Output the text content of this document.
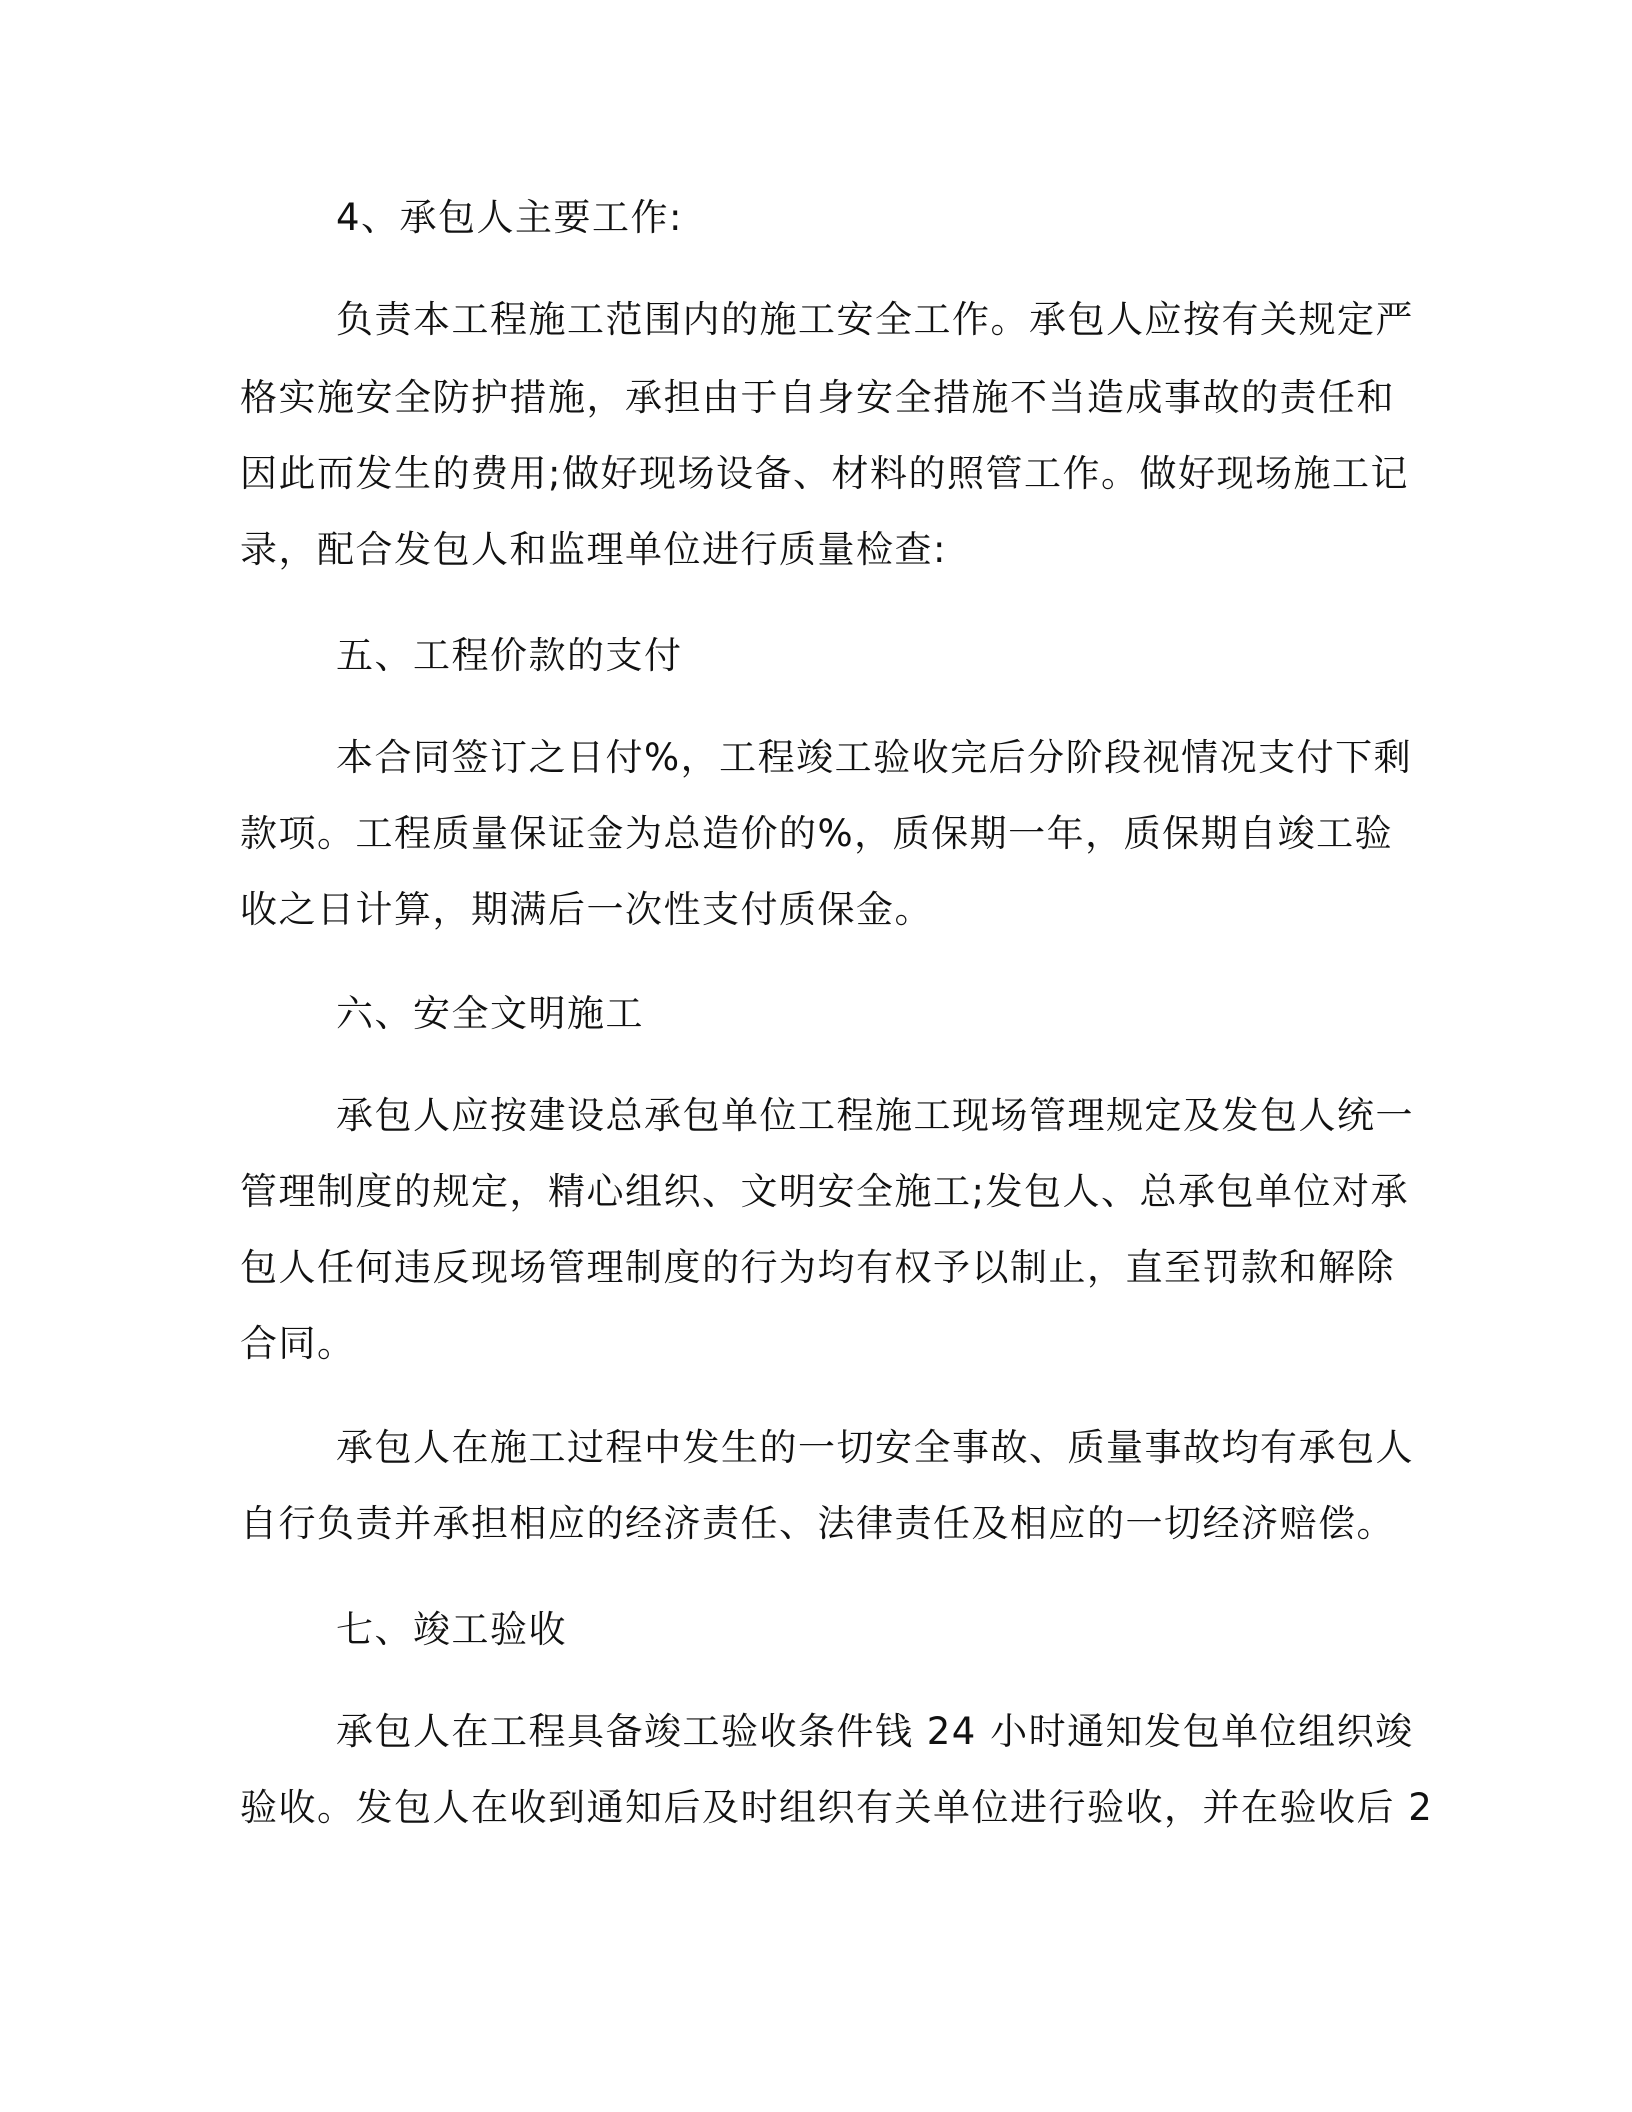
4、承包人主要工作:

负责本工程施工范围内的施工安全工作。承包人应按有关规定严

格实施安全防护措施，承担由于自身安全措施不当造成事故的责任和

因此而发生的费用;做好现场设备、材料的照管工作。做好现场施工记

录，配合发包人和监理单位进行质量检查:

五、工程价款的支付

本合同签订之日付%，工程竣工验收完后分阶段视情况支付下剩

款项。工程质量保证金为总造价的%，质保期一年，质保期自竣工验

收之日计算，期满后一次性支付质保金。

六、安全文明施工

承包人应按建设总承包单位工程施工现场管理规定及发包人统一

管理制度的规定，精心组织、文明安全施工;发包人、总承包单位对承

包人任何违反现场管理制度的行为均有权予以制止，直至罚款和解除

合同。

承包人在施工过程中发生的一切安全事故、质量事故均有承包人

自行负责并承担相应的经济责任、法律责任及相应的一切经济赔偿。

七、竣工验收

承包人在工程具备竣工验收条件钱 24 小时通知发包单位组织竣

验收。发包人在收到通知后及时组织有关单位进行验收，并在验收后 2
